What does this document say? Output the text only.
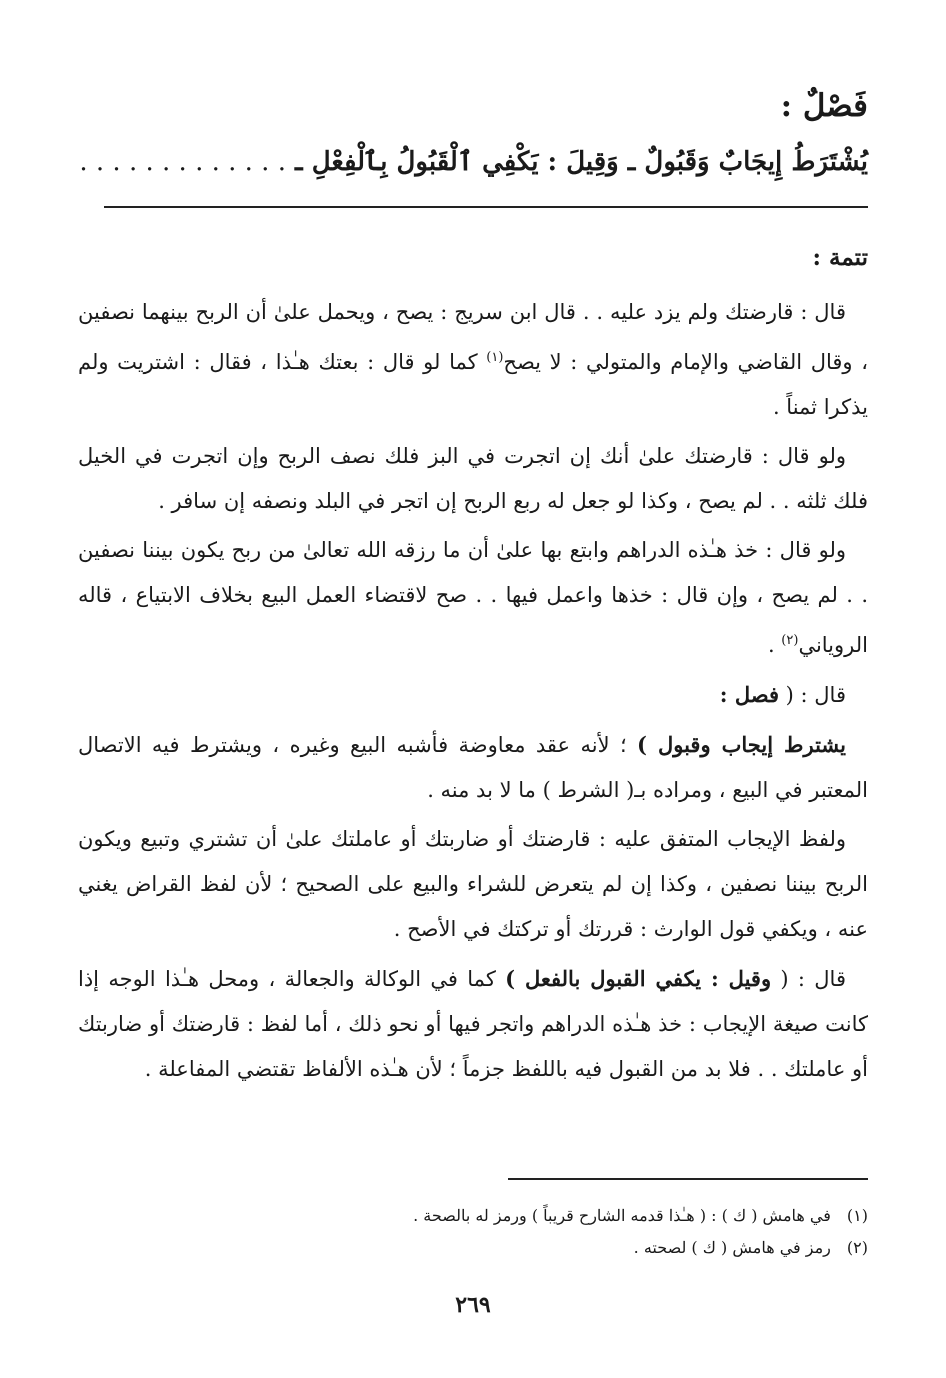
فَصْلٌ :
يُشْتَرَطُ إِيجَابٌ وَقَبُولٌ ـ وَقِيلَ : يَكْفِي ٱلْقَبُولُ بِٱلْفِعْلِ ـ . . . . . . . . . . . . .
تتمة :

قال : قارضتك ولم يزد عليه . . قال ابن سريج : يصح ، ويحمل علىٰ أن الربح بينهما نصفين ، وقال القاضي والإمام والمتولي : لا يصح$^{(١)}$ كما لو قال : بعتك هـٰذا ، فقال : اشتريت ولم يذكرا ثمناً .

ولو قال : قارضتك علىٰ أنك إن اتجرت في البز فلك نصف الربح وإن اتجرت في الخيل فلك ثلثه . . لم يصح ، وكذا لو جعل له ربع الربح إن اتجر في البلد ونصفه إن سافر .

ولو قال : خذ هـٰذه الدراهم وابتع بها علىٰ أن ما رزقه الله تعالىٰ من ربح يكون بيننا نصفين . . لم يصح ، وإن قال : خذها واعمل فيها . . صح لاقتضاء العمل البيع بخلاف الابتياع ، قاله الروياني$^{(٢)}$ .

قال : ( فصل :

يشترط إيجاب وقبول ) ؛ لأنه عقد معاوضة فأشبه البيع وغيره ، ويشترط فيه الاتصال المعتبر في البيع ، ومراده بـ( الشرط ) ما لا بد منه .

ولفظ الإيجاب المتفق عليه : قارضتك أو ضاربتك أو عاملتك علىٰ أن تشتري وتبيع ويكون الربح بيننا نصفين ، وكذا إن لم يتعرض للشراء والبيع على الصحيح ؛ لأن لفظ القراض يغني عنه ، ويكفي قول الوارث : قررتك أو تركتك في الأصح .

قال : ( وقيل : يكفي القبول بالفعل ) كما في الوكالة والجعالة ، ومحل هـٰذا الوجه إذا كانت صيغة الإيجاب : خذ هـٰذه الدراهم واتجر فيها أو نحو ذلك ، أما لفظ : قارضتك أو ضاربتك أو عاملتك . . فلا بد من القبول فيه باللفظ جزماً ؛ لأن هـٰذه الألفاظ تقتضي المفاعلة .

(١)
في هامش ( ك ) : ( هـٰذا قدمه الشارح قريباً ) ورمز له بالصحة .
(٢)
رمز في هامش ( ك ) لصحته .
٢٦٩
